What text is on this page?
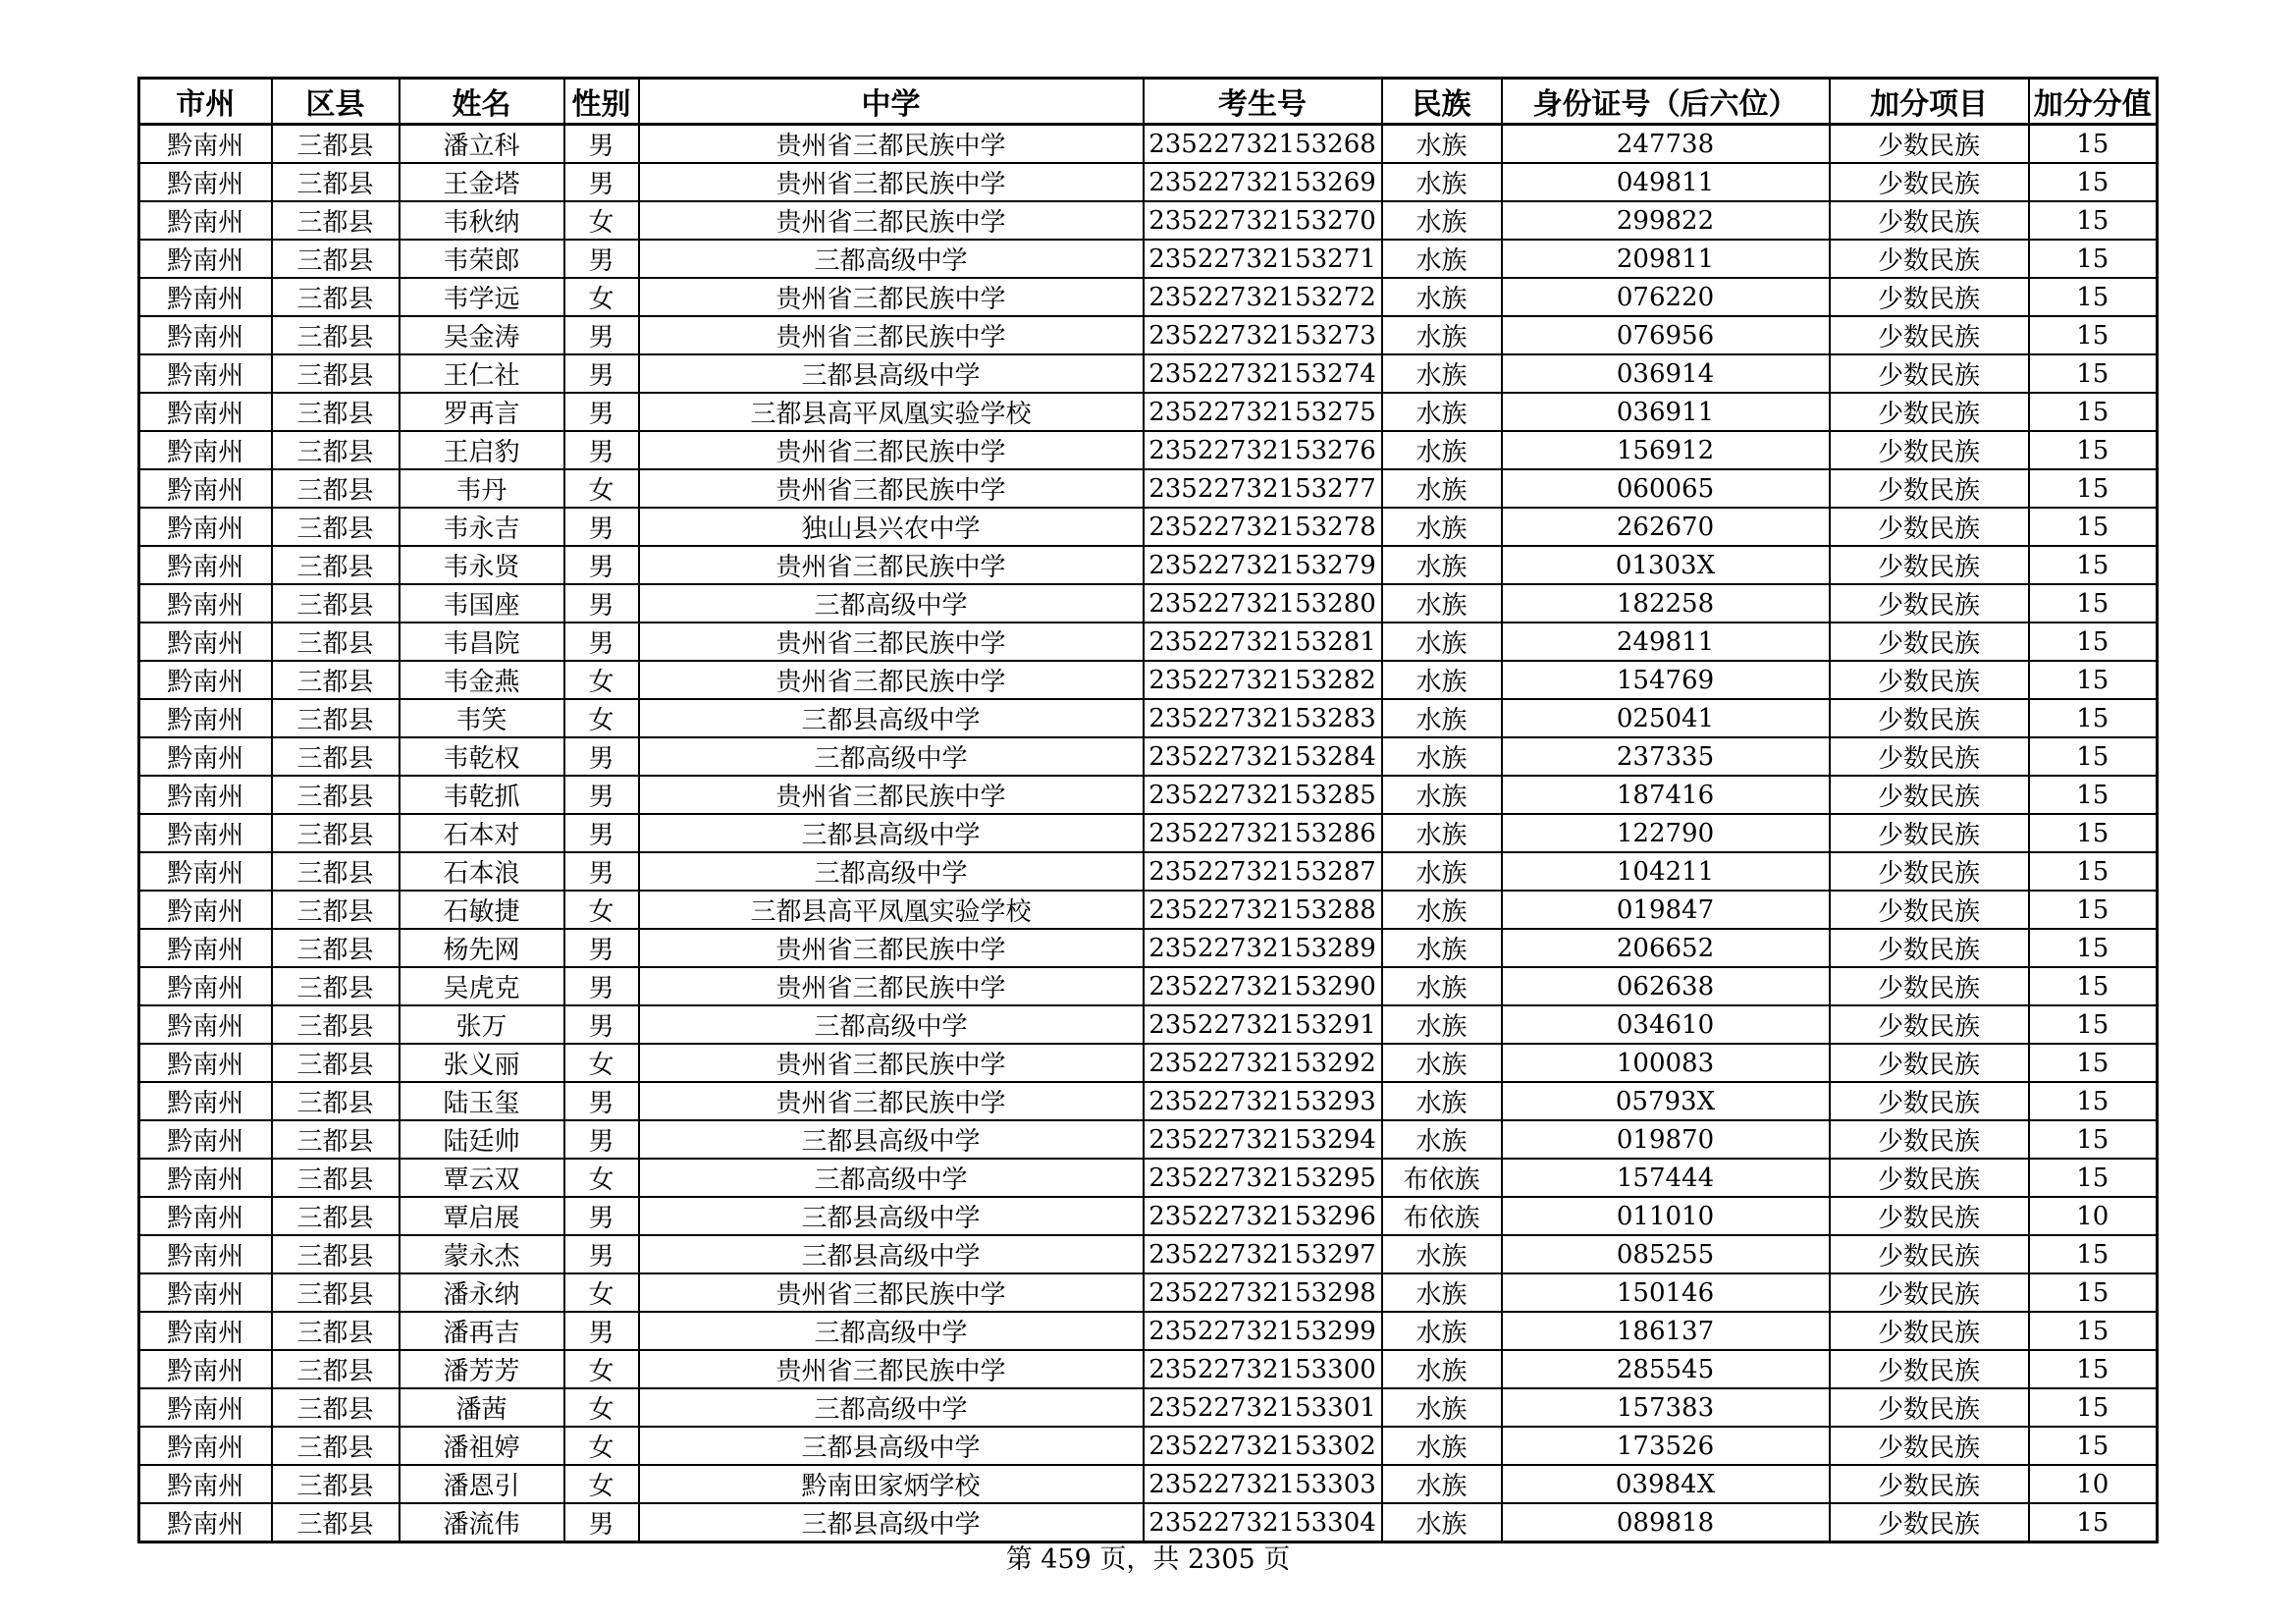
市州	区县	姓名	性别	中学	考生号	民族	身份证号（后六位）	加分项目	加分分值
黔南州	三都县	潘立科	男	贵州省三都民族中学	23522732153268	水族	247738	少数民族	15
黔南州	三都县	王金塔	男	贵州省三都民族中学	23522732153269	水族	049811	少数民族	15
黔南州	三都县	韦秋纳	女	贵州省三都民族中学	23522732153270	水族	299822	少数民族	15
黔南州	三都县	韦荣郎	男	三都高级中学	23522732153271	水族	209811	少数民族	15
黔南州	三都县	韦学远	女	贵州省三都民族中学	23522732153272	水族	076220	少数民族	15
黔南州	三都县	吴金涛	男	贵州省三都民族中学	23522732153273	水族	076956	少数民族	15
黔南州	三都县	王仁社	男	三都县高级中学	23522732153274	水族	036914	少数民族	15
黔南州	三都县	罗再言	男	三都县高平凤凰实验学校	23522732153275	水族	036911	少数民族	15
黔南州	三都县	王启豹	男	贵州省三都民族中学	23522732153276	水族	156912	少数民族	15
黔南州	三都县	韦丹	女	贵州省三都民族中学	23522732153277	水族	060065	少数民族	15
黔南州	三都县	韦永吉	男	独山县兴农中学	23522732153278	水族	262670	少数民族	15
黔南州	三都县	韦永贤	男	贵州省三都民族中学	23522732153279	水族	01303X	少数民族	15
黔南州	三都县	韦国座	男	三都高级中学	23522732153280	水族	182258	少数民族	15
黔南州	三都县	韦昌院	男	贵州省三都民族中学	23522732153281	水族	249811	少数民族	15
黔南州	三都县	韦金燕	女	贵州省三都民族中学	23522732153282	水族	154769	少数民族	15
黔南州	三都县	韦笑	女	三都县高级中学	23522732153283	水族	025041	少数民族	15
黔南州	三都县	韦乾权	男	三都高级中学	23522732153284	水族	237335	少数民族	15
黔南州	三都县	韦乾抓	男	贵州省三都民族中学	23522732153285	水族	187416	少数民族	15
黔南州	三都县	石本对	男	三都县高级中学	23522732153286	水族	122790	少数民族	15
黔南州	三都县	石本浪	男	三都高级中学	23522732153287	水族	104211	少数民族	15
黔南州	三都县	石敏捷	女	三都县高平凤凰实验学校	23522732153288	水族	019847	少数民族	15
黔南州	三都县	杨先网	男	贵州省三都民族中学	23522732153289	水族	206652	少数民族	15
黔南州	三都县	吴虎克	男	贵州省三都民族中学	23522732153290	水族	062638	少数民族	15
黔南州	三都县	张万	男	三都高级中学	23522732153291	水族	034610	少数民族	15
黔南州	三都县	张义丽	女	贵州省三都民族中学	23522732153292	水族	100083	少数民族	15
黔南州	三都县	陆玉玺	男	贵州省三都民族中学	23522732153293	水族	05793X	少数民族	15
黔南州	三都县	陆廷帅	男	三都县高级中学	23522732153294	水族	019870	少数民族	15
黔南州	三都县	覃云双	女	三都高级中学	23522732153295	布依族	157444	少数民族	15
黔南州	三都县	覃启展	男	三都县高级中学	23522732153296	布依族	011010	少数民族	10
黔南州	三都县	蒙永杰	男	三都县高级中学	23522732153297	水族	085255	少数民族	15
黔南州	三都县	潘永纳	女	贵州省三都民族中学	23522732153298	水族	150146	少数民族	15
黔南州	三都县	潘再吉	男	三都高级中学	23522732153299	水族	186137	少数民族	15
黔南州	三都县	潘芳芳	女	贵州省三都民族中学	23522732153300	水族	285545	少数民族	15
黔南州	三都县	潘茜	女	三都高级中学	23522732153301	水族	157383	少数民族	15
黔南州	三都县	潘祖婷	女	三都县高级中学	23522732153302	水族	173526	少数民族	15
黔南州	三都县	潘恩引	女	黔南田家炳学校	23522732153303	水族	03984X	少数民族	10
黔南州	三都县	潘流伟	男	三都县高级中学	23522732153304	水族	089818	少数民族	15
第 459 页，共 2305 页
